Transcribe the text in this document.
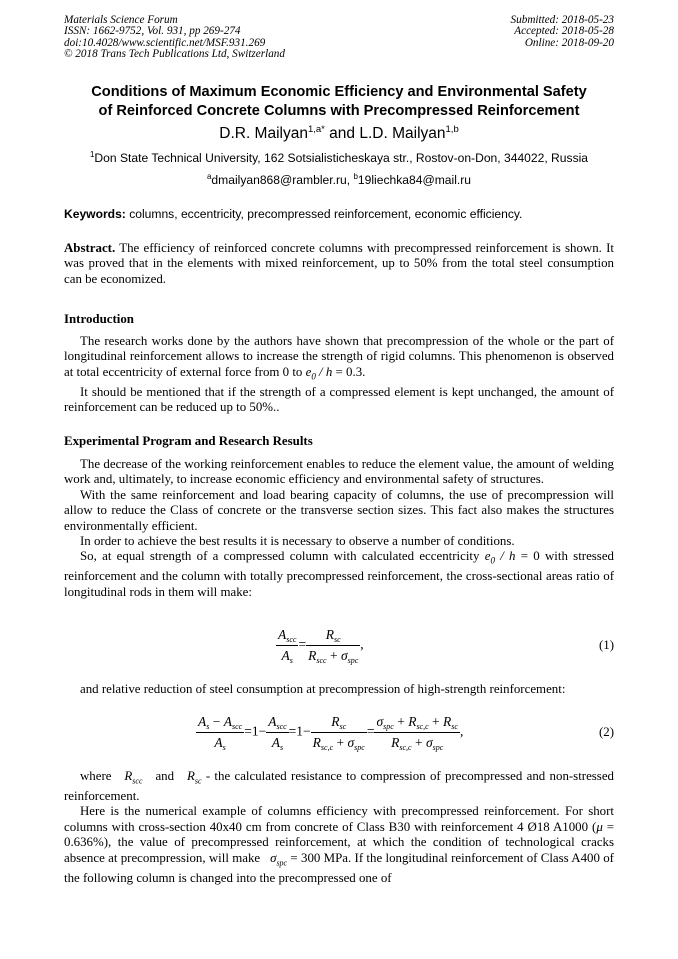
Materials Science Forum
ISSN: 1662-9752, Vol. 931, pp 269-274
doi:10.4028/www.scientific.net/MSF.931.269
© 2018 Trans Tech Publications Ltd, Switzerland
Submitted: 2018-05-23
Accepted: 2018-05-28
Online: 2018-09-20
Conditions of Maximum Economic Efficiency and Environmental Safety
of Reinforced Concrete Columns with Precompressed Reinforcement
D.R. Mailyan$^{1,a*}$ and L.D. Mailyan$^{1,b}$
$^1$Don State Technical University, 162 Sotsialisticheskaya str., Rostov-on-Don, 344022, Russia
$^a$dmailyan868@rambler.ru, $^b$19liechka84@mail.ru
Keywords: columns, eccentricity, precompressed reinforcement, economic efficiency.

Abstract. The efficiency of reinforced concrete columns with precompressed reinforcement is shown. It was proved that in the elements with mixed reinforcement, up to 50% from the total steel consumption can be economized.

Introduction

The research works done by the authors have shown that precompression of the whole or the part of longitudinal reinforcement allows to increase the strength of rigid columns. This phenomenon is observed at total eccentricity of external force from 0 to $e_0 / h = 0.3$.

It should be mentioned that if the strength of a compressed element is kept unchanged, the amount of reinforcement can be reduced up to 50%..

Experimental Program and Research Results

The decrease of the working reinforcement enables to reduce the element value, the amount of welding work and, ultimately, to increase economic efficiency and environmental safety of structures.

With the same reinforcement and load bearing capacity of columns, the use of precompression will allow to reduce the Class of concrete or the transverse section sizes. This fact also makes the structures environmentally efficient.

In order to achieve the best results it is necessary to observe a number of conditions.

So, at equal strength of a compressed column with calculated eccentricity $e_0 / h = 0$ with stressed reinforcement and the column with totally precompressed reinforcement, the cross-sectional areas ratio of longitudinal rods in them will make:

$\frac{A_{scc}}{A_s} = \frac{R_{sc}}{R_{scc} + \sigma_{spc}}$ ,	(1)
and relative reduction of steel consumption at precompression of high-strength reinforcement:
$\frac{A_s - A_{scc}}{A_s} =1- \frac{A_{scc}}{A_s} =1- \frac{R_{sc}}{R_{sc,c} + \sigma_{spc}} = \frac{\sigma_{spc} + R_{sc,c} + R_{sc}}{R_{sc,c} + \sigma_{spc}}$ ,	(2)

where $R_{scc}$ and $R_{sc}$ - the calculated resistance to compression of precompressed and non-stressed reinforcement.

Here is the numerical example of columns efficiency with precompressed reinforcement. For short columns with cross-section 40x40 cm from concrete of Class B30 with reinforcement 4 Ø18 A1000 (μ = 0.636%), the value of precompressed reinforcement, at which the condition of technological cracks absence at precompression, will make   $\sigma_{spc} = 300$ MPa. If the longitudinal reinforcement of Class A400 of the following column is changed into the precompressed one of
